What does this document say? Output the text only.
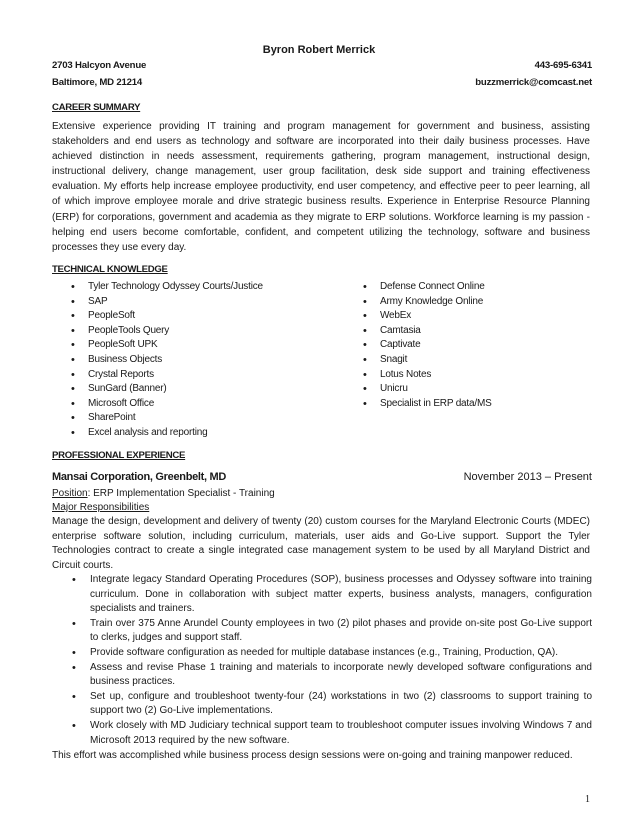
Byron Robert Merrick
2703 Halcyon Avenue	443-695-6341
Baltimore, MD 21214	buzzmerrick@comcast.net
CAREER SUMMARY

Extensive experience providing IT training and program management for government and business, assisting stakeholders and end users as technology and software are incorporated into their daily business processes. Have achieved distinction in needs assessment, requirements gathering, program management, instructional design, instructional delivery, change management, user group facilitation, desk side support and training effectiveness evaluation. My efforts help increase employee productivity, end user competency, and effective peer to peer learning, all of which improve employee morale and drive strategic business results. Experience in Enterprise Resource Planning (ERP) for corporations, government and academia as they migrate to ERP solutions. Workforce learning is my passion - helping end users become comfortable, confident, and competent utilizing the technology, software and business processes they use every day.

TECHNICAL KNOWLEDGE
• Tyler Technology Odyssey Courts/Justice
• SAP
• PeopleSoft
• PeopleTools Query
• PeopleSoft UPK
• Business Objects
• Crystal Reports
• SunGard (Banner)
• Microsoft Office
• SharePoint
• Excel analysis and reporting
• Defense Connect Online
• Army Knowledge Online
• WebEx
• Camtasia
• Captivate
• Snagit
• Lotus Notes
• Unicru
• Specialist in ERP data/MS
PROFESSIONAL EXPERIENCE
Mansai Corporation, Greenbelt, MD	November 2013 – Present
Position: ERP Implementation Specialist - Training
Major Responsibilities

Manage the design, development and delivery of twenty (20) custom courses for the Maryland Electronic Courts (MDEC) enterprise software solution, including curriculum, materials, user aids and Go-Live support. Support the Tyler Technologies contract to create a single integrated case management system to be used by all Maryland District and Circuit courts.

• Integrate legacy Standard Operating Procedures (SOP), business processes and Odyssey software into training curriculum. Done in collaboration with subject matter experts, business analysts, managers, configuration specialists and trainers.
• Train over 375 Anne Arundel County employees in two (2) pilot phases and provide on-site post Go-Live support to clerks, judges and support staff.
• Provide software configuration as needed for multiple database instances (e.g., Training, Production, QA).
• Assess and revise Phase 1 training and materials to incorporate newly developed software configurations and business practices.
• Set up, configure and troubleshoot twenty-four (24) workstations in two (2) classrooms to support training to support two (2) Go-Live implementations.
• Work closely with MD Judiciary technical support team to troubleshoot computer issues involving Windows 7 and Microsoft 2013 required by the new software.

This effort was accomplished while business process design sessions were on-going and training manpower reduced.

1
